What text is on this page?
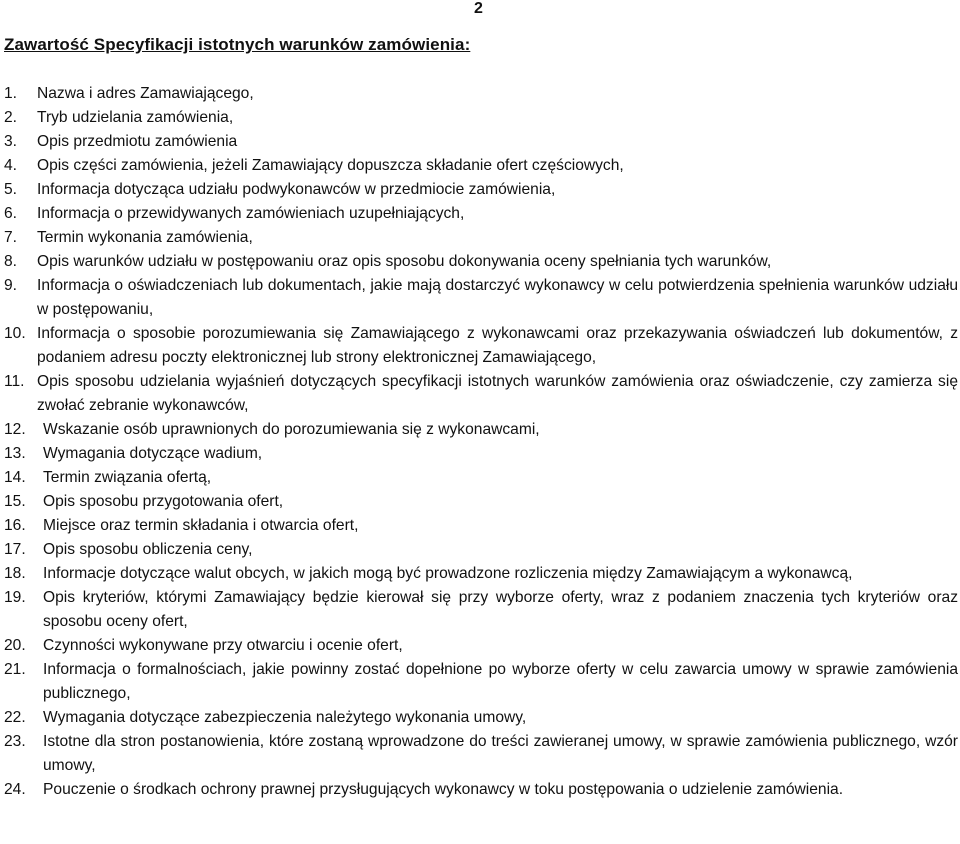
2
Zawartość Specyfikacji istotnych warunków zamówienia:
1.	Nazwa i adres Zamawiającego,
2.	Tryb udzielania zamówienia,
3.	Opis przedmiotu zamówienia
4.	Opis części zamówienia, jeżeli Zamawiający dopuszcza składanie ofert częściowych,
5.	Informacja dotycząca udziału podwykonawców w przedmiocie zamówienia,
6.	Informacja o przewidywanych zamówieniach uzupełniających,
7.	Termin wykonania zamówienia,
8.	Opis warunków udziału w postępowaniu oraz opis sposobu dokonywania oceny spełniania tych warunków,
9.	Informacja o oświadczeniach lub dokumentach, jakie mają dostarczyć wykonawcy w celu potwierdzenia spełnienia warunków udziału w postępowaniu,
10. Informacja o sposobie porozumiewania się Zamawiającego z wykonawcami oraz przekazywania oświadczeń lub dokumentów, z podaniem adresu poczty elektronicznej lub strony elektronicznej Zamawiającego,
11. Opis sposobu udzielania wyjaśnień dotyczących specyfikacji istotnych warunków zamówienia oraz oświadczenie, czy zamierza się zwołać zebranie wykonawców,
12.	Wskazanie osób uprawnionych do porozumiewania się z wykonawcami,
13.	Wymagania dotyczące wadium,
14.	Termin związania ofertą,
15.	Opis sposobu przygotowania ofert,
16.	Miejsce oraz termin składania i otwarcia ofert,
17.	Opis sposobu obliczenia ceny,
18.	Informacje dotyczące walut obcych, w jakich mogą być prowadzone rozliczenia między Zamawiającym a wykonawcą,
19.	Opis kryteriów, którymi Zamawiający będzie kierował się przy wyborze oferty, wraz z podaniem znaczenia tych kryteriów oraz sposobu oceny ofert,
20.	Czynności wykonywane przy otwarciu i ocenie ofert,
21.	Informacja o formalnościach, jakie powinny zostać dopełnione po wyborze oferty w celu zawarcia umowy w sprawie zamówienia publicznego,
22.	Wymagania dotyczące zabezpieczenia należytego wykonania umowy,
23.	Istotne dla stron postanowienia, które zostaną wprowadzone do treści zawieranej umowy, w sprawie zamówienia publicznego, wzór umowy,
24.	Pouczenie o środkach ochrony prawnej przysługujących wykonawcy w toku postępowania o udzielenie zamówienia.
